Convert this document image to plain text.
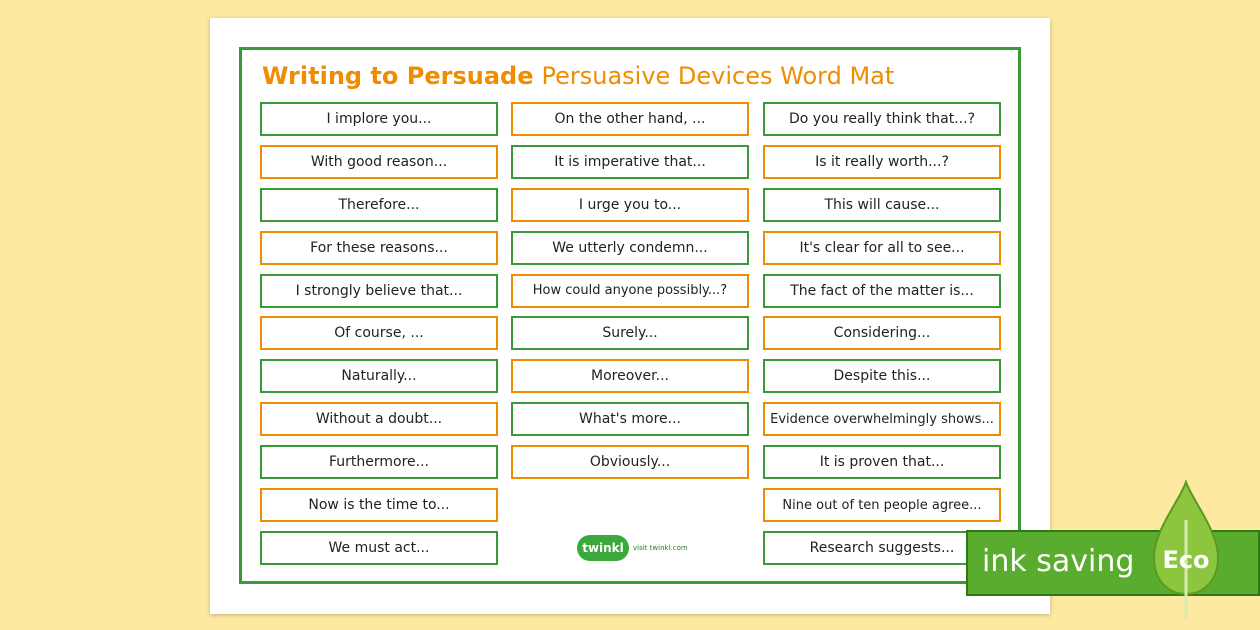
Writing to Persuade Persuasive Devices Word Mat
I implore you...
With good reason...
Therefore...
For these reasons...
I strongly believe that...
Of course, ...
Naturally...
Without a doubt...
Furthermore...
Now is the time to...
We must act...
On the other hand, ...
It is imperative that...
I urge you to...
We utterly condemn...
How could anyone possibly...?
Surely...
Moreover...
What's more...
Obviously...
Do you really think that...?
Is it really worth...?
This will cause...
It's clear for all to see...
The fact of the matter is...
Considering...
Despite this...
Evidence overwhelmingly shows...
It is proven that...
Nine out of ten people agree...
Research suggests...
twinkl	visit twinkl.com	ink saving Eco
